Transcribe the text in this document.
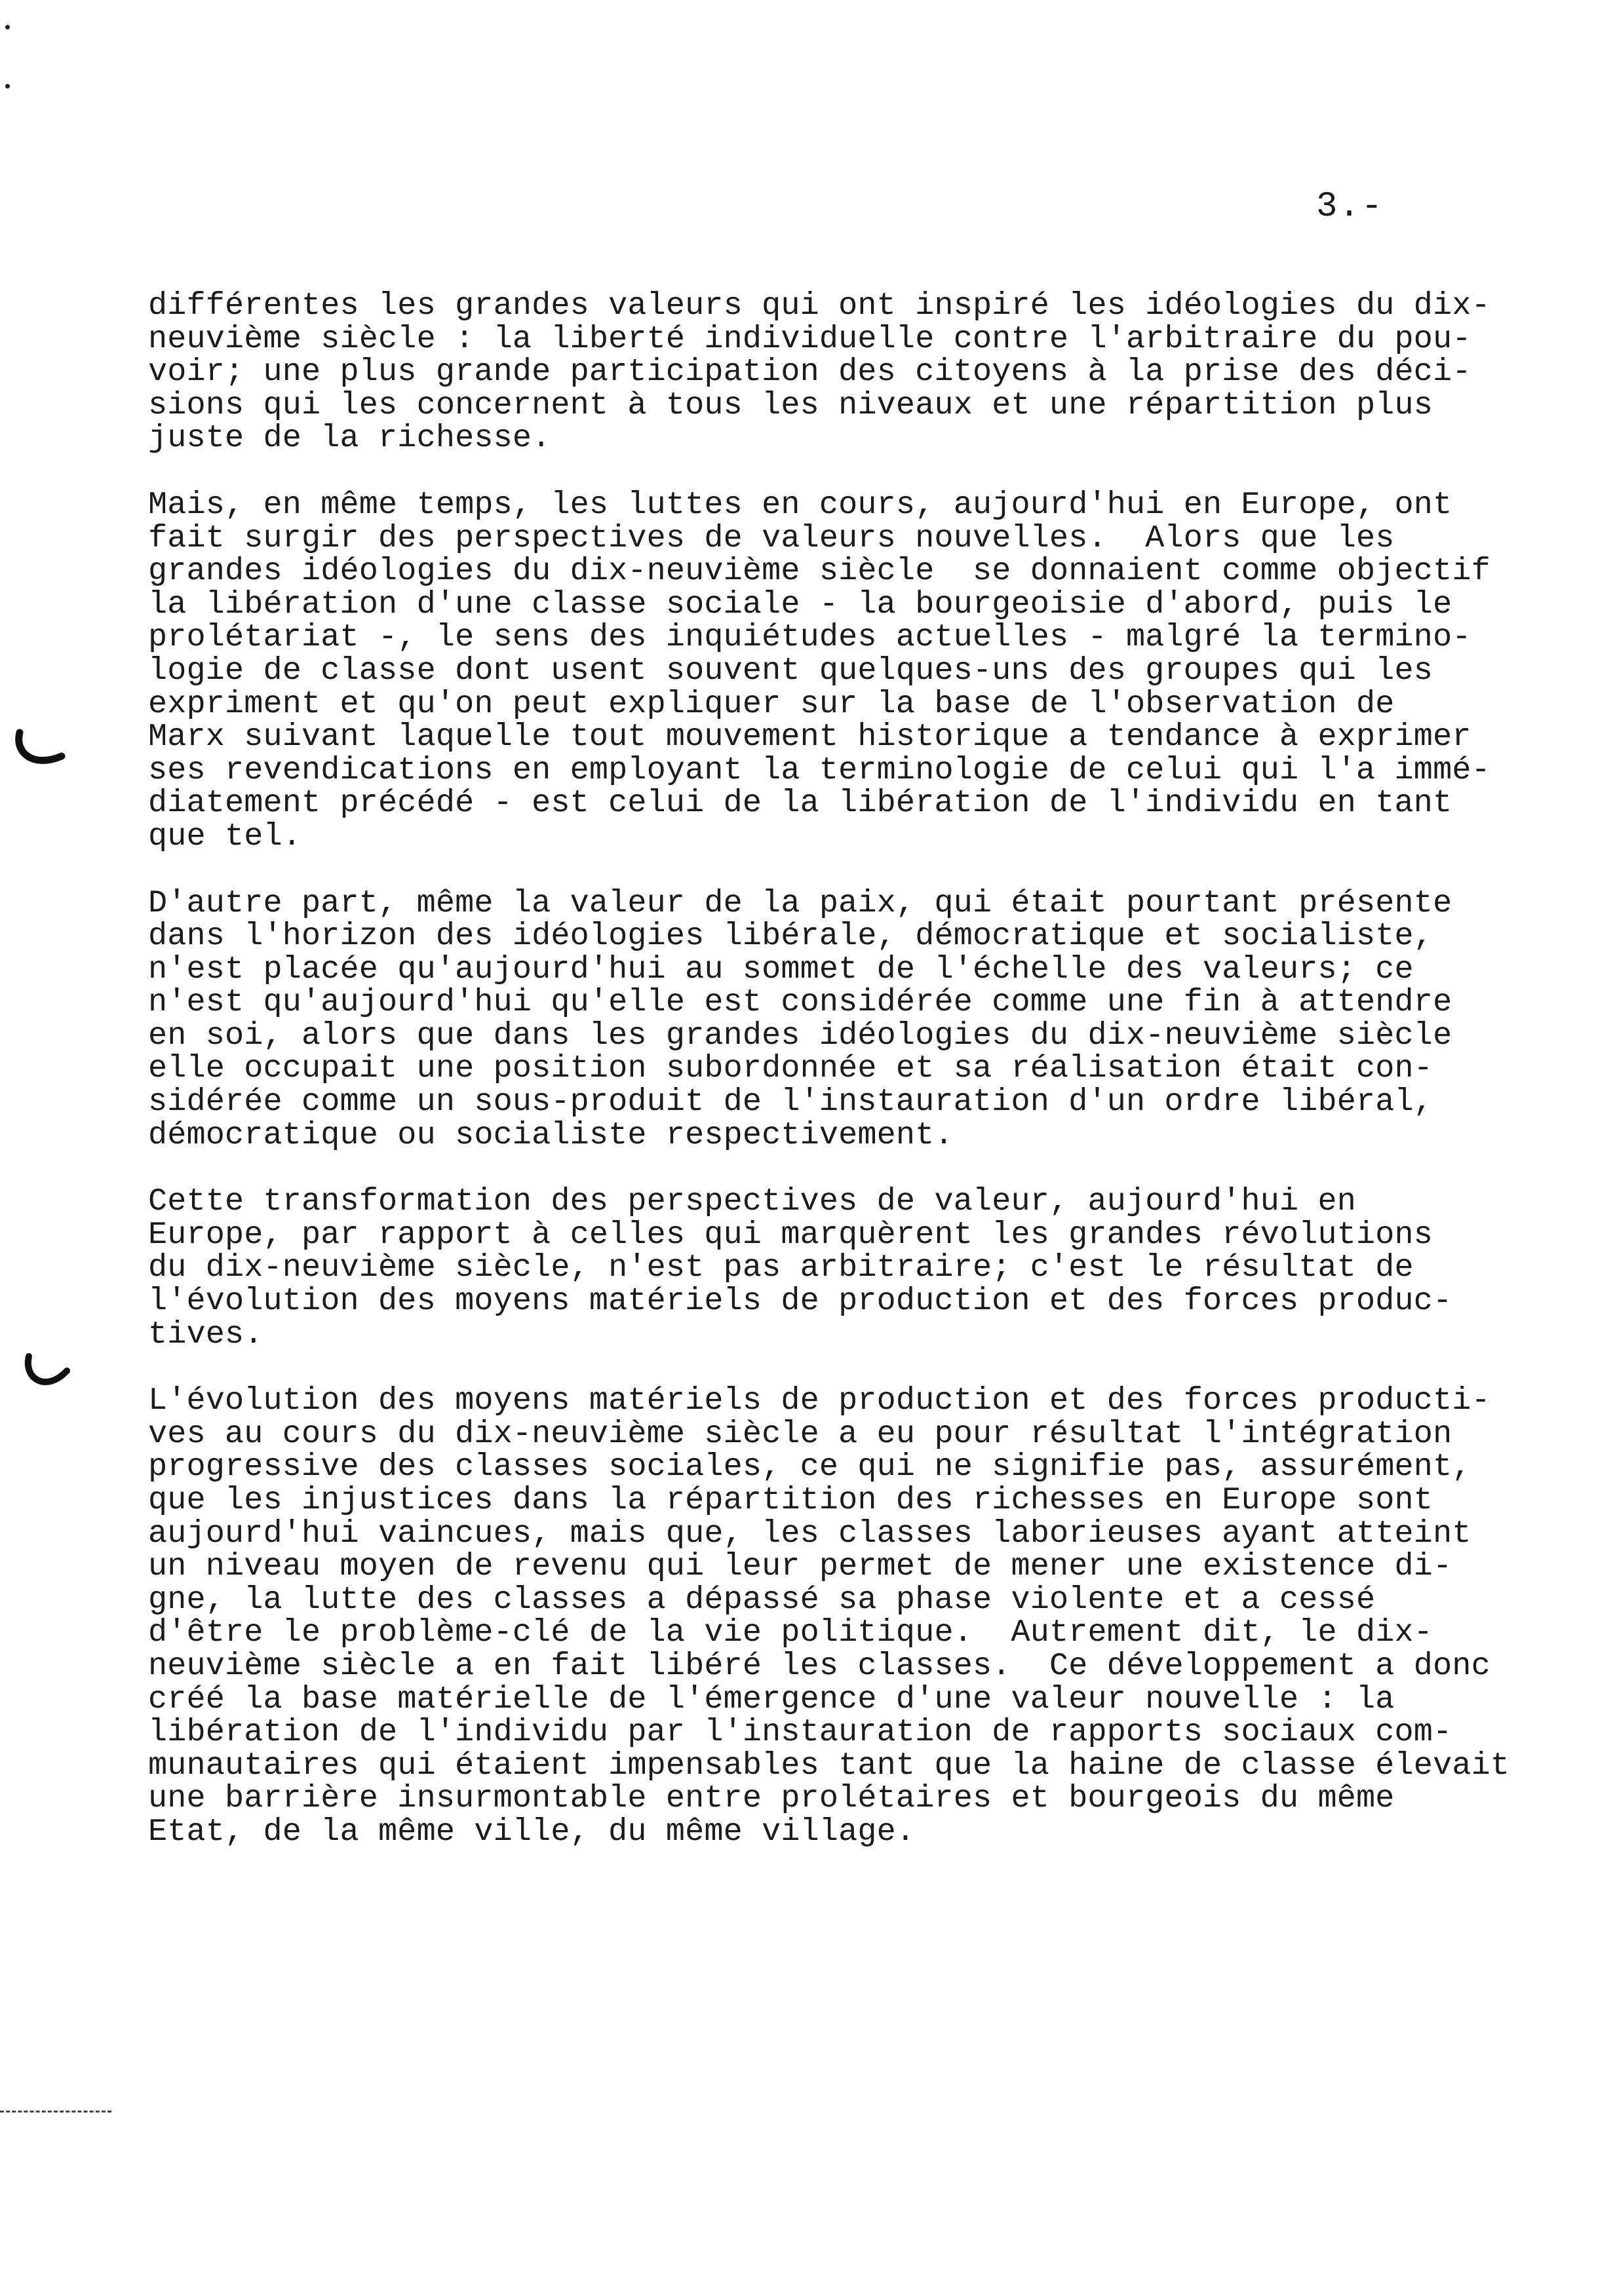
3.-

différentes les grandes valeurs qui ont inspiré les idéologies du dix-
neuvième siècle : la liberté individuelle contre l'arbitraire du pou-
voir; une plus grande participation des citoyens à la prise des déci-
sions qui les concernent à tous les niveaux et une répartition plus
juste de la richesse.

Mais, en même temps, les luttes en cours, aujourd'hui en Europe, ont
fait surgir des perspectives de valeurs nouvelles.  Alors que les
grandes idéologies du dix-neuvième siècle  se donnaient comme objectif
la libération d'une classe sociale - la bourgeoisie d'abord, puis le
prolétariat -, le sens des inquiétudes actuelles - malgré la termino-
logie de classe dont usent souvent quelques-uns des groupes qui les
expriment et qu'on peut expliquer sur la base de l'observation de
Marx suivant laquelle tout mouvement historique a tendance à exprimer
ses revendications en employant la terminologie de celui qui l'a immé-
diatement précédé - est celui de la libération de l'individu en tant
que tel.

D'autre part, même la valeur de la paix, qui était pourtant présente
dans l'horizon des idéologies libérale, démocratique et socialiste,
n'est placée qu'aujourd'hui au sommet de l'échelle des valeurs; ce
n'est qu'aujourd'hui qu'elle est considérée comme une fin à attendre
en soi, alors que dans les grandes idéologies du dix-neuvième siècle
elle occupait une position subordonnée et sa réalisation était con-
sidérée comme un sous-produit de l'instauration d'un ordre libéral,
démocratique ou socialiste respectivement.

Cette transformation des perspectives de valeur, aujourd'hui en
Europe, par rapport à celles qui marquèrent les grandes révolutions
du dix-neuvième siècle, n'est pas arbitraire; c'est le résultat de
l'évolution des moyens matériels de production et des forces produc-
tives.

L'évolution des moyens matériels de production et des forces producti-
ves au cours du dix-neuvième siècle a eu pour résultat l'intégration
progressive des classes sociales, ce qui ne signifie pas, assurément,
que les injustices dans la répartition des richesses en Europe sont
aujourd'hui vaincues, mais que, les classes laborieuses ayant atteint
un niveau moyen de revenu qui leur permet de mener une existence di-
gne, la lutte des classes a dépassé sa phase violente et a cessé
d'être le problème-clé de la vie politique.  Autrement dit, le dix-
neuvième siècle a en fait libéré les classes.  Ce développement a donc
créé la base matérielle de l'émergence d'une valeur nouvelle : la
libération de l'individu par l'instauration de rapports sociaux com-
munautaires qui étaient impensables tant que la haine de classe élevait
une barrière insurmontable entre prolétaires et bourgeois du même
Etat, de la même ville, du même village.
